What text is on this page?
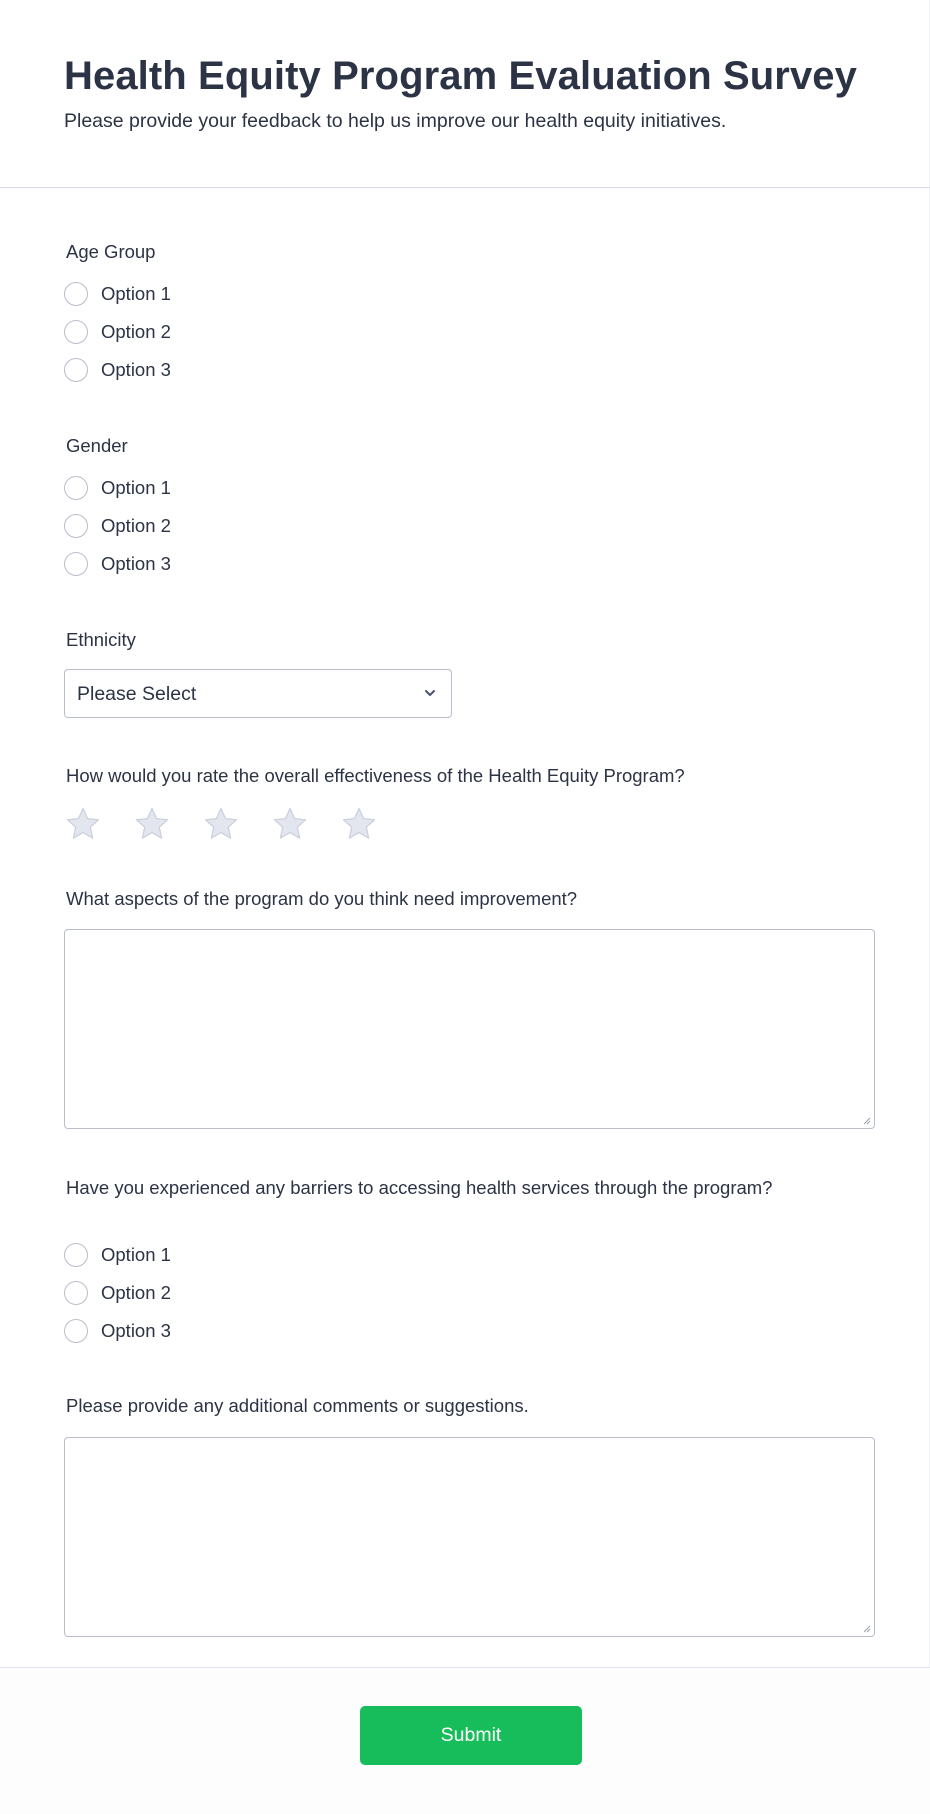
Health Equity Program Evaluation Survey

Please provide your feedback to help us improve our health equity initiatives.

Age Group
Option 1
Option 2
Option 3
Gender
Option 1
Option 2
Option 3
Ethnicity
Please Select
How would you rate the overall effectiveness of the Health Equity Program?
What aspects of the program do you think need improvement?
Have you experienced any barriers to accessing health services through the program?
Option 1
Option 2
Option 3
Please provide any additional comments or suggestions.
Submit
